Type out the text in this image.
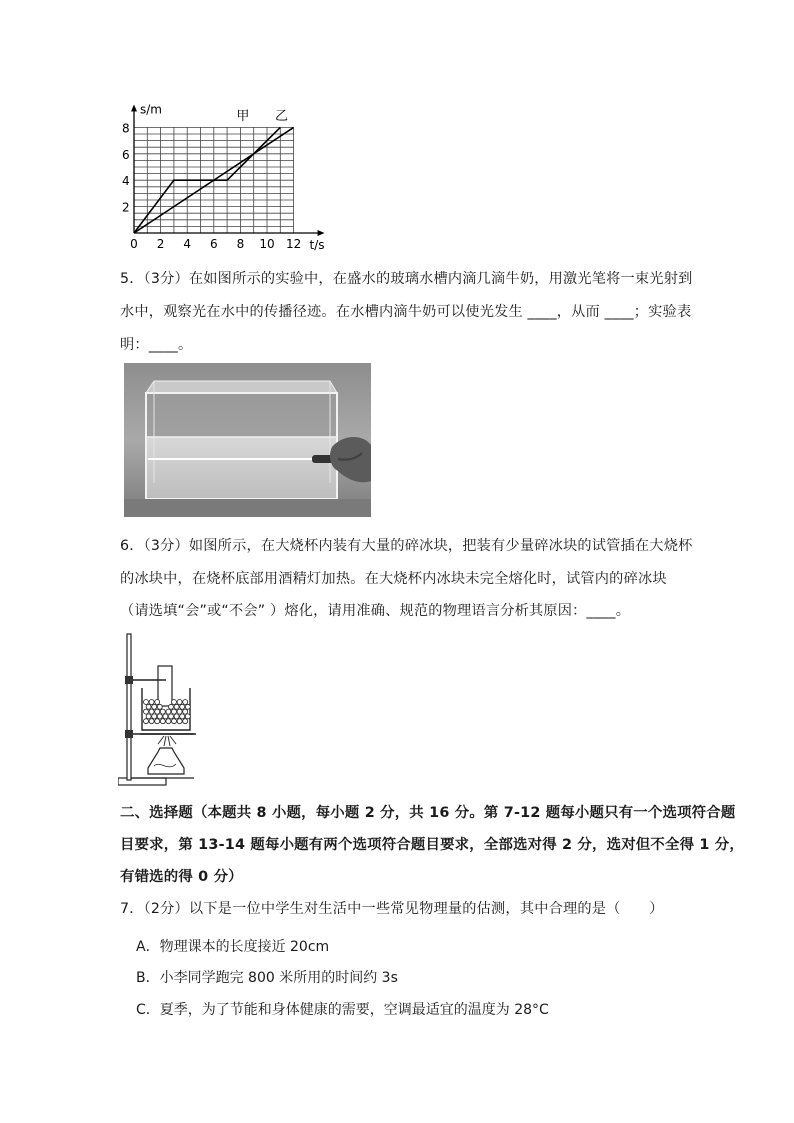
8
6
4
2
0 2 4 6 8 10 12
s/m
t/s
甲 乙
5．（3分）在如图所示的实验中，在盛水的玻璃水槽内滴几滴牛奶，用激光笔将一束光射到
水中，观察光在水中的传播径迹。在水槽内滴牛奶可以使光发生 ____，从而 ____；实验表
明：____。
6．（3分）如图所示，在大烧杯内装有大量的碎冰块，把装有少量碎冰块的试管插在大烧杯
的冰块中，在烧杯底部用酒精灯加热。在大烧杯内冰块未完全熔化时，试管内的碎冰块
（请选填“会”或“不会” ）熔化，请用准确、规范的物理语言分析其原因：____。
二、选择题（本题共 8 小题，每小题 2 分，共 16 分。第 7-12 题每小题只有一个选项符合题
目要求，第 13-14 题每小题有两个选项符合题目要求，全部选对得 2 分，选对但不全得 1 分，
有错选的得 0 分）
7．（2分）以下是一位中学生对生活中一些常见物理量的估测，其中合理的是（　　）
A．物理课本的长度接近 20cm
B．小李同学跑完 800 米所用的时间约 3s
C．夏季，为了节能和身体健康的需要，空调最适宜的温度为 28°C
